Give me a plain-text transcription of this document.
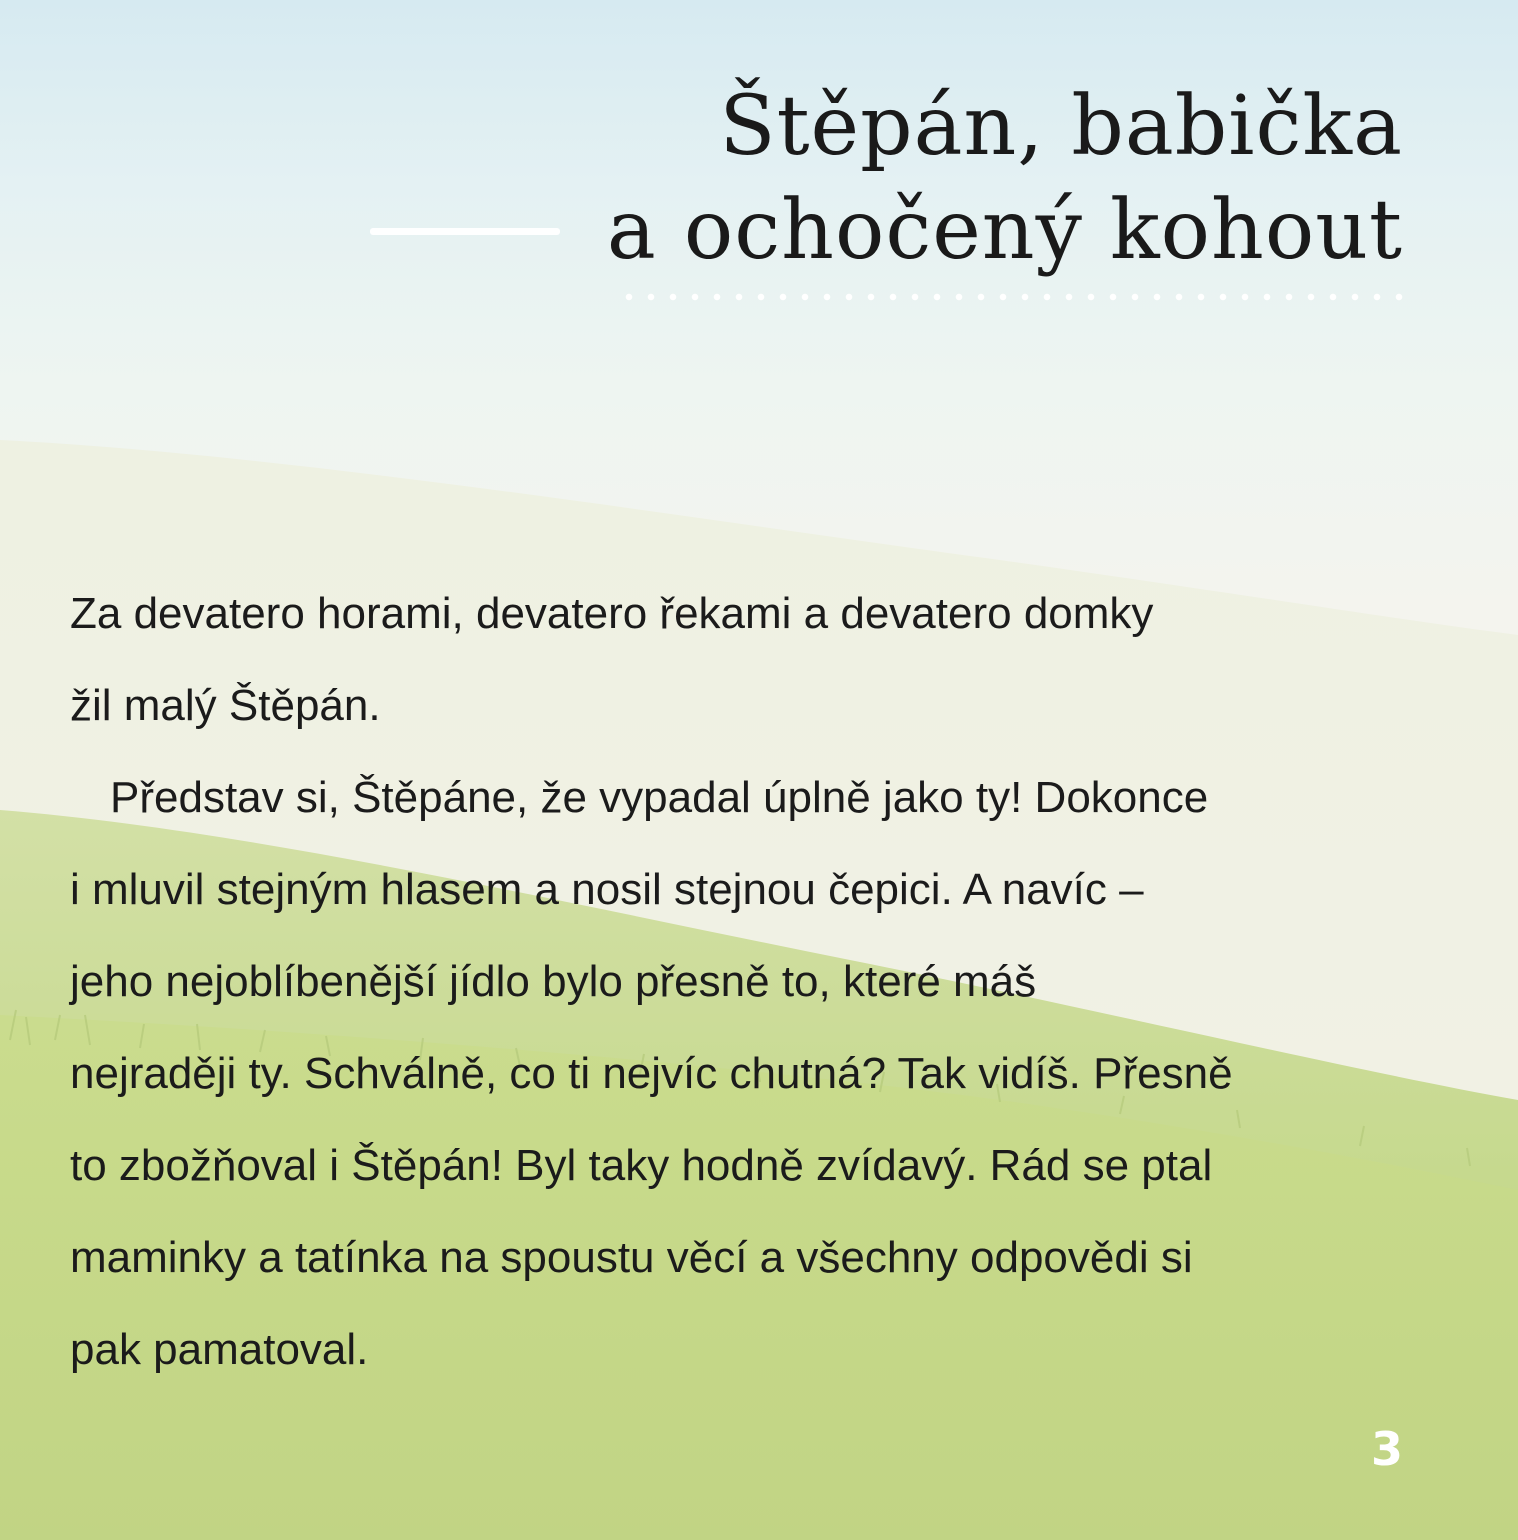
Štěpán, babička
a ochočený kohout

Za devatero horami, devatero řekami a devatero domky
žil malý Štěpán.
Představ si, Štěpáne, že vypadal úplně jako ty! Dokonce
i mluvil stejným hlasem a nosil stejnou čepici. A navíc –
jeho nejoblíbenější jídlo bylo přesně to, které máš
nejraději ty. Schválně, co ti nejvíc chutná? Tak vidíš. Přesně
to zbožňoval i Štěpán! Byl taky hodně zvídavý. Rád se ptal
maminky a tatínka na spoustu věcí a všechny odpovědi si
pak pamatoval.

3
